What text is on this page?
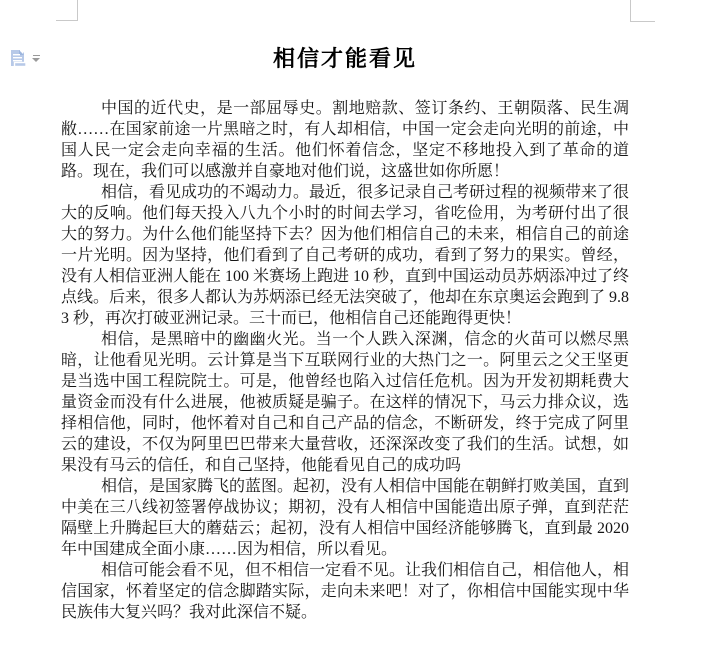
相信才能看见

中国的近代史，是一部屈辱史。割地赔款、签订条约、王朝陨落、民生凋敝……在国家前途一片黑暗之时，有人却相信，中国一定会走向光明的前途，中国人民一定会走向幸福的生活。他们怀着信念，坚定不移地投入到了革命的道路。现在，我们可以感激并自豪地对他们说，这盛世如你所愿！

相信，看见成功的不竭动力。最近，很多记录自己考研过程的视频带来了很大的反响。他们每天投入八九个小时的时间去学习，省吃俭用，为考研付出了很大的努力。为什么他们能坚持下去？因为他们相信自己的未来，相信自己的前途一片光明。因为坚持，他们看到了自己考研的成功，看到了努力的果实。曾经，没有人相信亚洲人能在 100 米赛场上跑进 10 秒，直到中国运动员苏炳添冲过了终点线。后来，很多人都认为苏炳添已经无法突破了，他却在东京奥运会跑到了 9.83 秒，再次打破亚洲记录。三十而已，他相信自己还能跑得更快！

相信，是黑暗中的幽幽火光。当一个人跌入深渊，信念的火苗可以燃尽黑暗，让他看见光明。云计算是当下互联网行业的大热门之一。阿里云之父王坚更是当选中国工程院院士。可是，他曾经也陷入过信任危机。因为开发初期耗费大量资金而没有什么进展，他被质疑是骗子。在这样的情况下，马云力排众议，选择相信他，同时，他怀着对自己和自己产品的信念，不断研发，终于完成了阿里云的建设，不仅为阿里巴巴带来大量营收，还深深改变了我们的生活。试想，如果没有马云的信任，和自己坚持，他能看见自己的成功吗

相信，是国家腾飞的蓝图。起初，没有人相信中国能在朝鲜打败美国，直到中美在三八线初签署停战协议；期初，没有人相信中国能造出原子弹，直到茫茫隔壁上升腾起巨大的蘑菇云；起初，没有人相信中国经济能够腾飞，直到最 2020 年中国建成全面小康……因为相信，所以看见。

相信可能会看不见，但不相信一定看不见。让我们相信自己，相信他人，相信国家，怀着坚定的信念脚踏实际，走向未来吧！对了，你相信中国能实现中华民族伟大复兴吗？我对此深信不疑。
